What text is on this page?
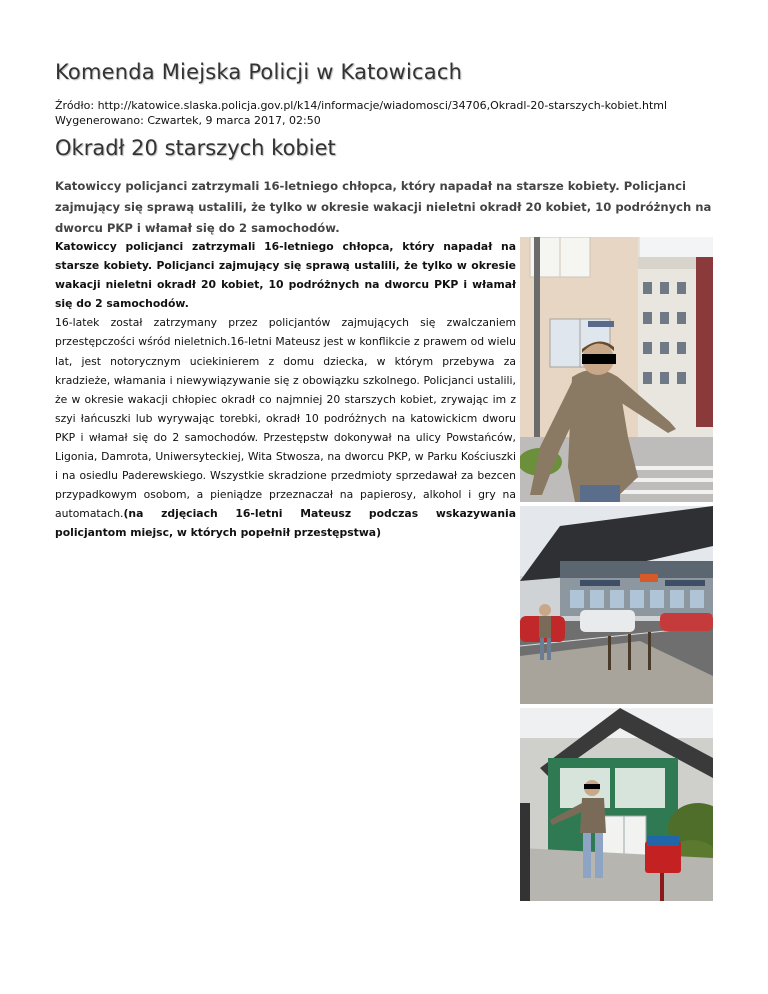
Komenda Miejska Policji w Katowicach
Źródło: http://katowice.slaska.policja.gov.pl/k14/informacje/wiadomosci/34706,Okradl-20-starszych-kobiet.html
Wygenerowano: Czwartek, 9 marca 2017, 02:50
Okradł 20 starszych kobiet
Katowiccy policjanci zatrzymali 16-letniego chłopca, który napadał na starsze kobiety. Policjanci zajmujący się sprawą ustalili, że tylko w okresie wakacji nieletni okradł 20 kobiet, 10 podróżnych na dworcu PKP i włamał się do 2 samochodów.

Katowiccy policjanci zatrzymali 16-letniego chłopca, który napadał na starsze kobiety. Policjanci zajmujący się sprawą ustalili, że tylko w okresie wakacji nieletni okradł 20 kobiet, 10 podróżnych na dworcu PKP i włamał się do 2 samochodów.

16-latek został zatrzymany przez policjantów zajmujących się zwalczaniem przestępczości wśród nieletnich.16-letni Mateusz jest w konflikcie z prawem od wielu lat, jest notorycznym uciekinierem z domu dziecka, w którym przebywa za kradzieże, włamania i niewywiązywanie się z obowiązku szkolnego. Policjanci ustalili, że w okresie wakacji chłopiec okradł co najmniej 20 starszych kobiet, zrywając im z szyi łańcuszki lub wyrywając torebki, okradł 10 podróżnych na katowickicm dworu PKP i włamał się do 2 samochodów. Przestępstw dokonywał na ulicy Powstańców, Ligonia, Damrota, Uniwersyteckiej, Wita Stwosza, na dworcu PKP, w Parku Kościuszki i na osiedlu Paderewskiego. Wszystkie skradzione przedmioty sprzedawał za bezcen przypadkowym osobom, a pieniądze przeznaczał na papierosy, alkohol i gry na automatach.(na zdjęciach 16-letni Mateusz podczas wskazywania policjantom miejsc, w których popełnił przestępstwa)
